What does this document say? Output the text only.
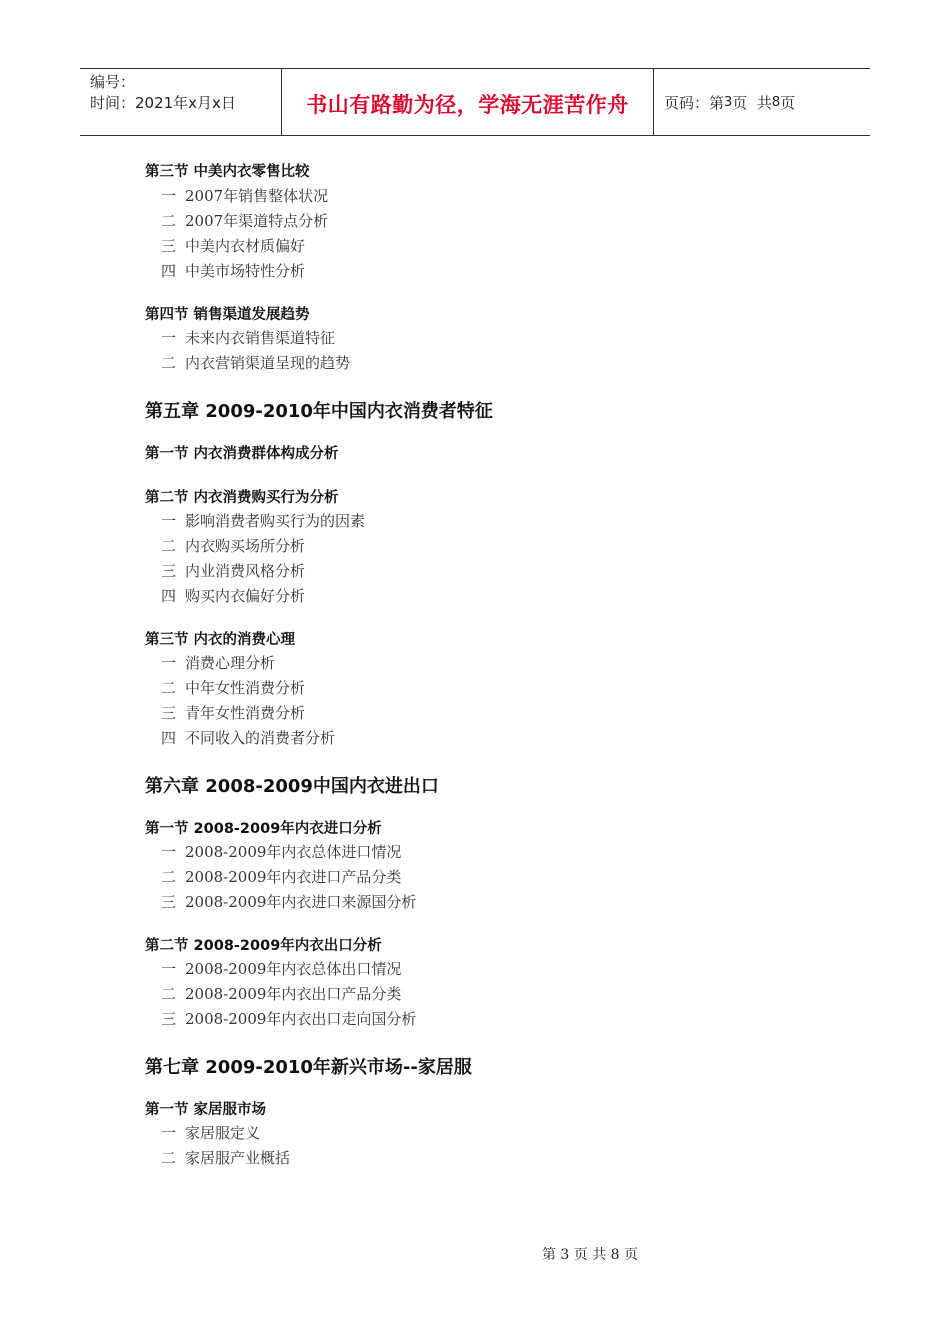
编号：
时间：2021年x月x日	书山有路勤为径，学海无涯苦作舟 页码：第 3 页  共 8 页

第三节 中美内衣零售比较

一 2007年销售整体状况

二 2007年渠道特点分析

三 中美内衣材质偏好

四 中美市场特性分析

第四节 销售渠道发展趋势

一 未来内衣销售渠道特征

二 内衣营销渠道呈现的趋势

第五章 2009-2010年中国内衣消费者特征

第一节 内衣消费群体构成分析

第二节 内衣消费购买行为分析

一 影响消费者购买行为的因素

二 内衣购买场所分析

三 内业消费风格分析

四 购买内衣偏好分析

第三节 内衣的消费心理

一 消费心理分析

二 中年女性消费分析

三 青年女性消费分析

四 不同收入的消费者分析

第六章 2008-2009中国内衣进出口

第一节 2008-2009年内衣进口分析

一 2008-2009年内衣总体进口情况

二 2008-2009年内衣进口产品分类

三 2008-2009年内衣进口来源国分析

第二节 2008-2009年内衣出口分析

一 2008-2009年内衣总体出口情况

二 2008-2009年内衣出口产品分类

三 2008-2009年内衣出口走向国分析

第七章 2009-2010年新兴市场--家居服

第一节 家居服市场

一 家居服定义

二 家居服产业概括

第 3 页 共 8 页
